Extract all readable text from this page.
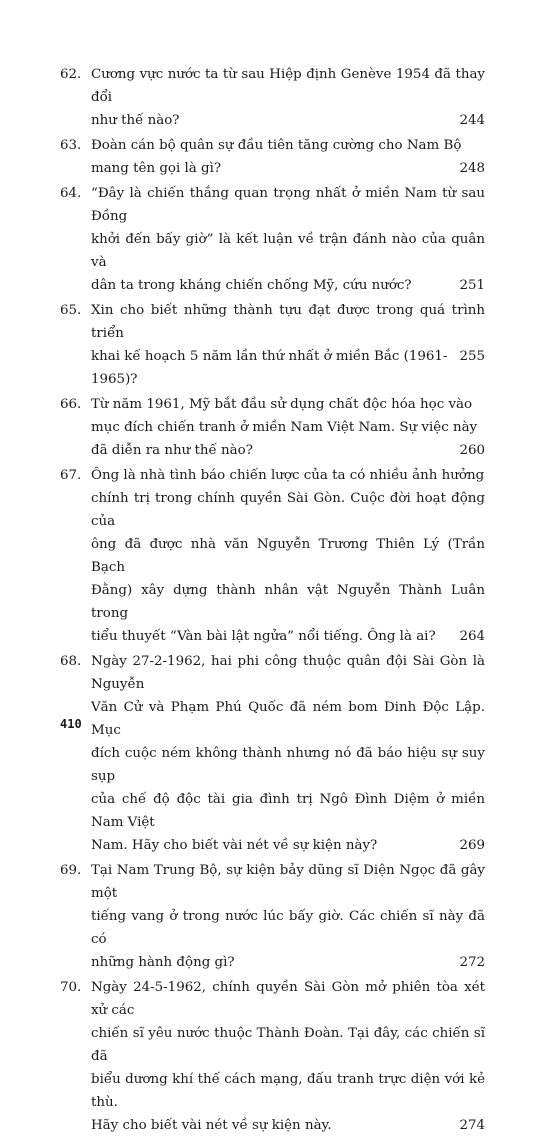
62. Cương vực nước ta từ sau Hiệp định Genève 1954 đã thay đổi

như thế nào?	244
63. Đoàn cán bộ quân sự đầu tiên tăng cường cho Nam Bộ

mang tên gọi là gì?	248
64. “Đây là chiến thắng quan trọng nhất ở miền Nam từ sau Đồng

khởi đến bấy giờ” là kết luận về trận đánh nào của quân và

dân ta trong kháng chiến chống Mỹ, cứu nước?	251
65. Xin cho biết những thành tựu đạt được trong quá trình triển

khai kế hoạch 5 năm lần thứ nhất ở miền Bắc (1961-1965)?
255
66. Từ năm 1961, Mỹ bắt đầu sử dụng chất độc hóa học vào

mục đích chiến tranh ở miền Nam Việt Nam. Sự việc này

đã diễn ra như thế nào?	260
67. Ông là nhà tình báo chiến lược của ta có nhiều ảnh hưởng

chính trị trong chính quyền Sài Gòn. Cuộc đời hoạt động của

ông đã được nhà văn Nguyễn Trương Thiên Lý (Trần Bạch

Đằng) xây dựng thành nhân vật Nguyễn Thành Luân trong

tiểu thuyết “Vàn bài lật ngửa” nổi tiếng. Ông là ai? 264
68. Ngày 27-2-1962, hai phi công thuộc quân đội Sài Gòn là Nguyễn

Văn Cử và Phạm Phú Quốc đã ném bom Dinh Độc Lập. Mục

đích cuộc ném không thành nhưng nó đã báo hiệu sự suy sụp

của chế độ độc tài gia đình trị Ngô Đình Diệm ở miền Nam Việt

Nam. Hãy cho biết vài nét về sự kiện này?	269
69. Tại Nam Trung Bộ, sự kiện bảy dũng sĩ Diện Ngọc đã gây một

tiếng vang ở trong nước lúc bấy giờ. Các chiến sĩ này đã có

những hành động gì?	272
70. Ngày 24-5-1962, chính quyền Sài Gòn mở phiên tòa xét xử các

chiến sĩ yêu nước thuộc Thành Đoàn. Tại đây, các chiến sĩ đã

biểu dương khí thế cách mạng, đấu tranh trực diện với kẻ thù.

Hãy cho biết vài nét về sự kiện này.	274
410
